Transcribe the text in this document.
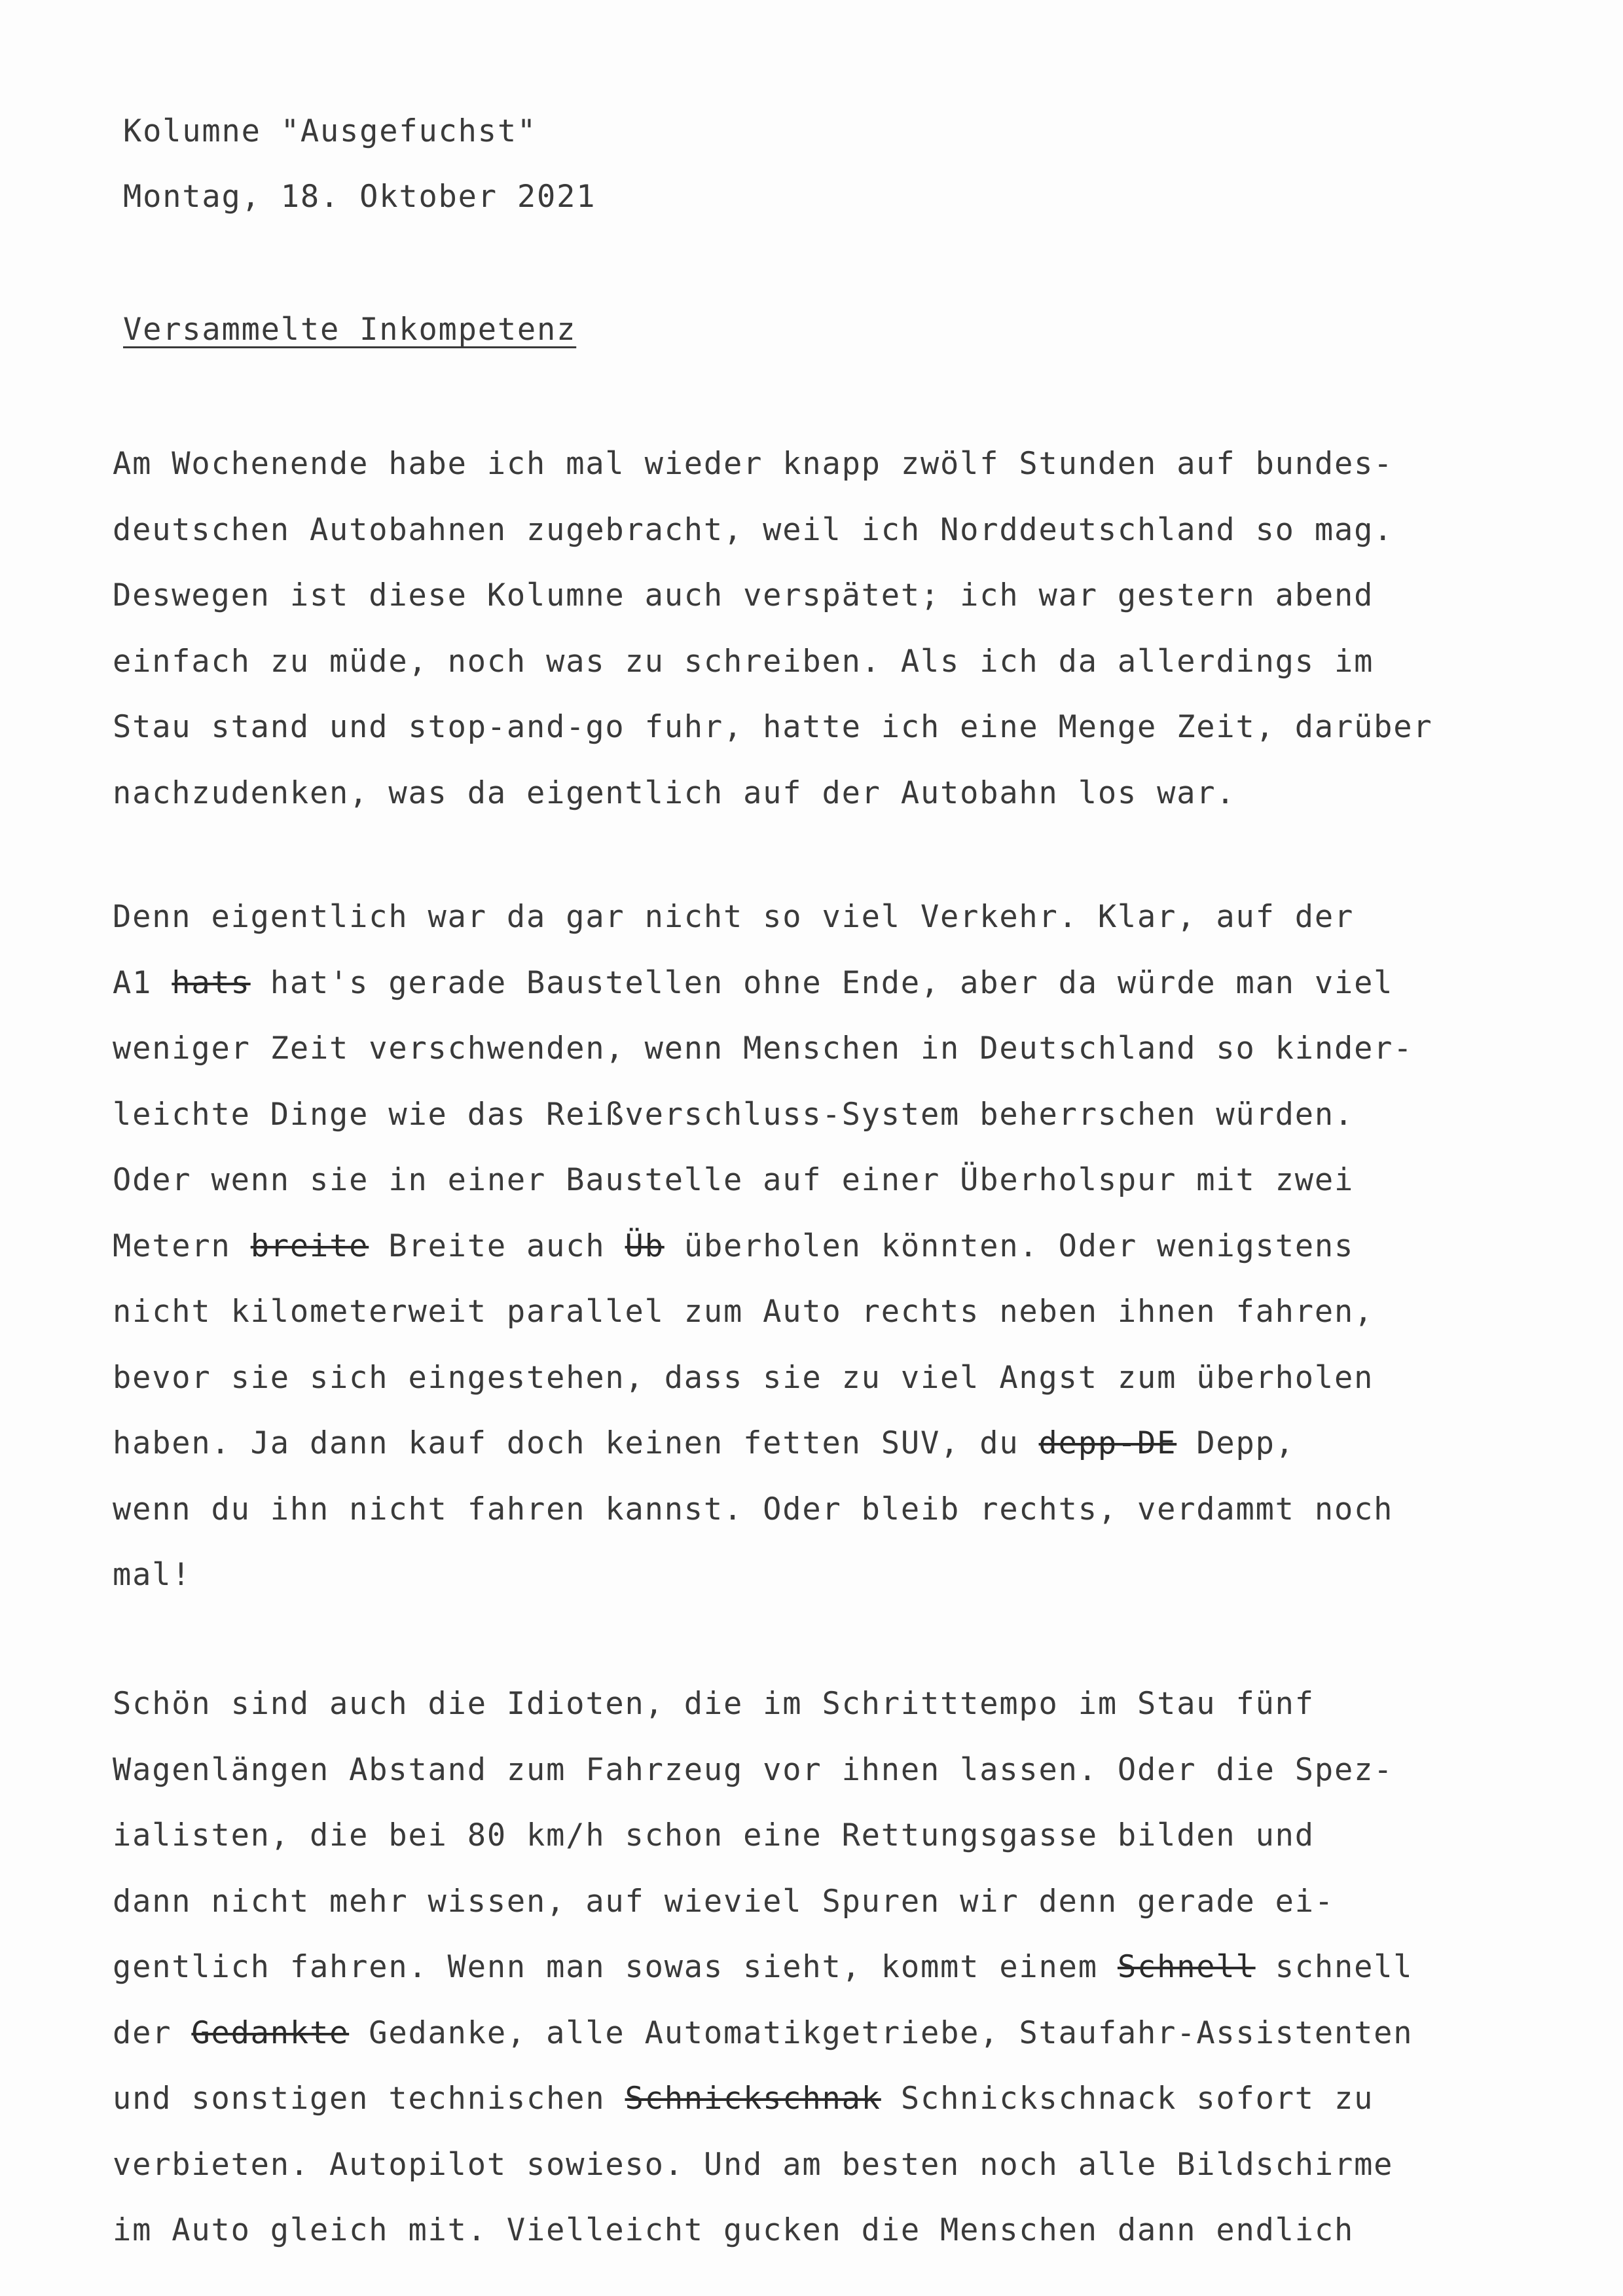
Kolumne "Ausgefuchst"
Montag, 18. Oktober 2021
Versammelte Inkompetenz
Am Wochenende habe ich mal wieder knapp zwölf Stunden auf bundes-
deutschen Autobahnen zugebracht, weil ich Norddeutschland so mag.
Deswegen ist diese Kolumne auch verspätet; ich war gestern abend
einfach zu müde, noch was zu schreiben. Als ich da allerdings im
Stau stand und stop-and-go fuhr, hatte ich eine Menge Zeit, darüber
nachzudenken, was da eigentlich auf der Autobahn los war.
Denn eigentlich war da gar nicht so viel Verkehr. Klar, auf der
A1 hats hat's gerade Baustellen ohne Ende, aber da würde man viel
weniger Zeit verschwenden, wenn Menschen in Deutschland so kinder-
leichte Dinge wie das Reißverschluss-System beherrschen würden.
Oder wenn sie in einer Baustelle auf einer Überholspur mit zwei
Metern breite Breite auch Üb überholen könnten. Oder wenigstens
nicht kilometerweit parallel zum Auto rechts neben ihnen fahren,
bevor sie sich eingestehen, dass sie zu viel Angst zum überholen
haben. Ja dann kauf doch keinen fetten SUV, du depp-DE Depp,
wenn du ihn nicht fahren kannst. Oder bleib rechts, verdammt noch
mal!
Schön sind auch die Idioten, die im Schritttempo im Stau fünf
Wagenlängen Abstand zum Fahrzeug vor ihnen lassen. Oder die Spez-
ialisten, die bei 80 km/h schon eine Rettungsgasse bilden und
dann nicht mehr wissen, auf wieviel Spuren wir denn gerade ei-
gentlich fahren. Wenn man sowas sieht, kommt einem Schnell schnell
der Gedankte Gedanke, alle Automatikgetriebe, Staufahr-Assistenten
und sonstigen technischen Schnickschnak Schnickschnack sofort zu
verbieten. Autopilot sowieso. Und am besten noch alle Bildschirme
im Auto gleich mit. Vielleicht gucken die Menschen dann endlich
